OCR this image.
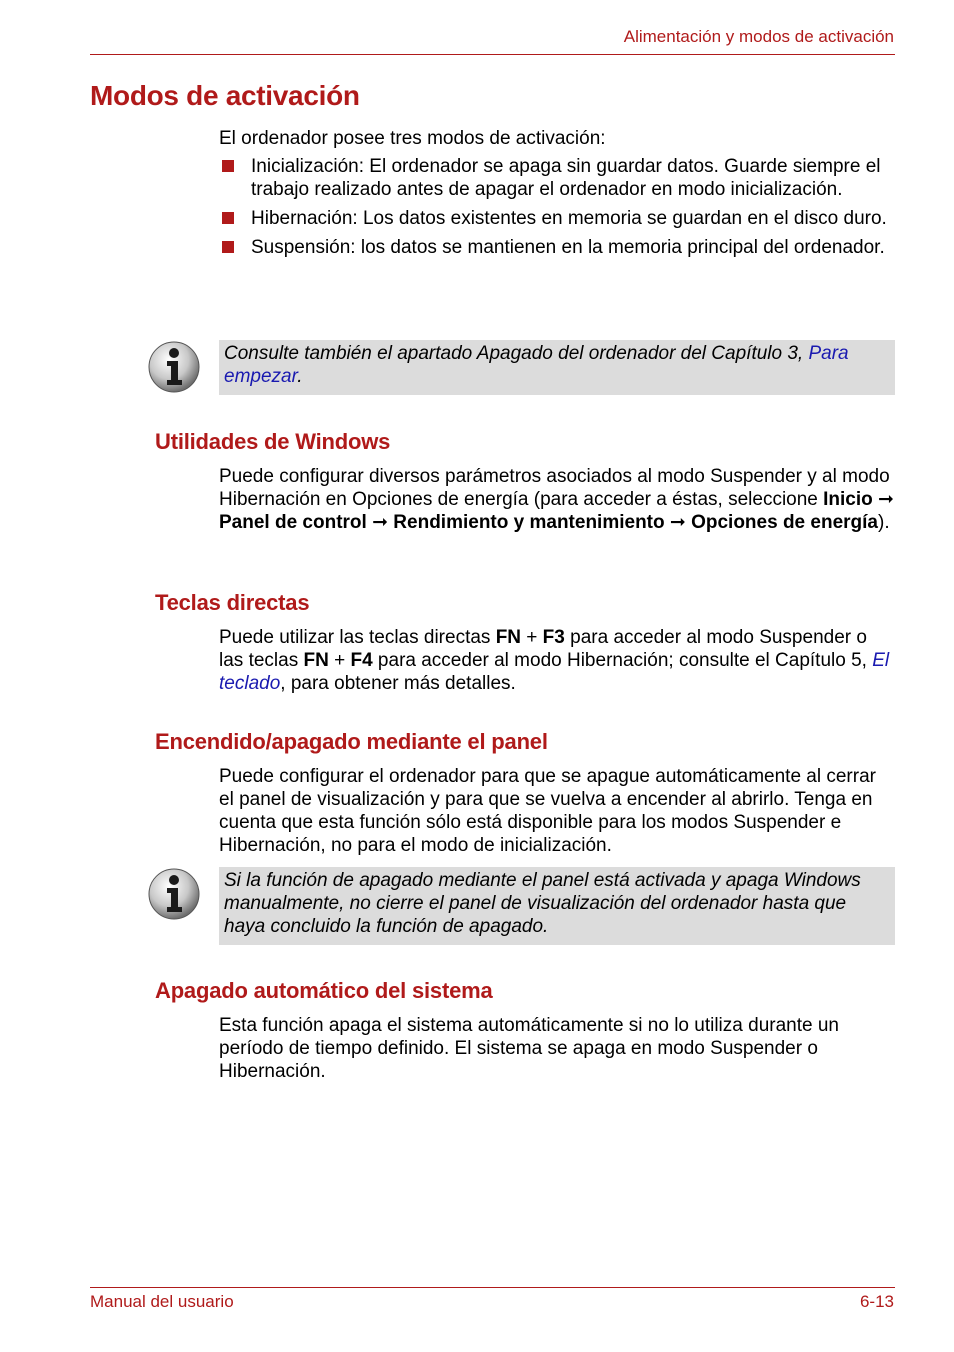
Alimentación y modos de activación
Modos de activación

El ordenador posee tres modos de activación:

Inicialización: El ordenador se apaga sin guardar datos. Guarde siempre el trabajo realizado antes de apagar el ordenador en modo inicialización.
Hibernación: Los datos existentes en memoria se guardan en el disco duro.
Suspensión: los datos se mantienen en la memoria principal del ordenador.
Consulte también el apartado Apagado del ordenador del Capítulo 3, Para empezar.
Utilidades de Windows

Puede configurar diversos parámetros asociados al modo Suspender y al modo Hibernación en Opciones de energía (para acceder a éstas, seleccione Inicio ➞ Panel de control ➞ Rendimiento y mantenimiento ➞ Opciones de energía).

Teclas directas

Puede utilizar las teclas directas FN + F3 para acceder al modo Suspender o las teclas FN + F4 para acceder al modo Hibernación; consulte el Capítulo 5, El teclado, para obtener más detalles.

Encendido/apagado mediante el panel

Puede configurar el ordenador para que se apague automáticamente al cerrar el panel de visualización y para que se vuelva a encender al abrirlo. Tenga en cuenta que esta función sólo está disponible para los modos Suspender e Hibernación, no para el modo de inicialización.

Si la función de apagado mediante el panel está activada y apaga Windows manualmente, no cierre el panel de visualización del ordenador hasta que haya concluido la función de apagado.
Apagado automático del sistema

Esta función apaga el sistema automáticamente si no lo utiliza durante un período de tiempo definido. El sistema se apaga en modo Suspender o Hibernación.

Manual del usuario	6-13
